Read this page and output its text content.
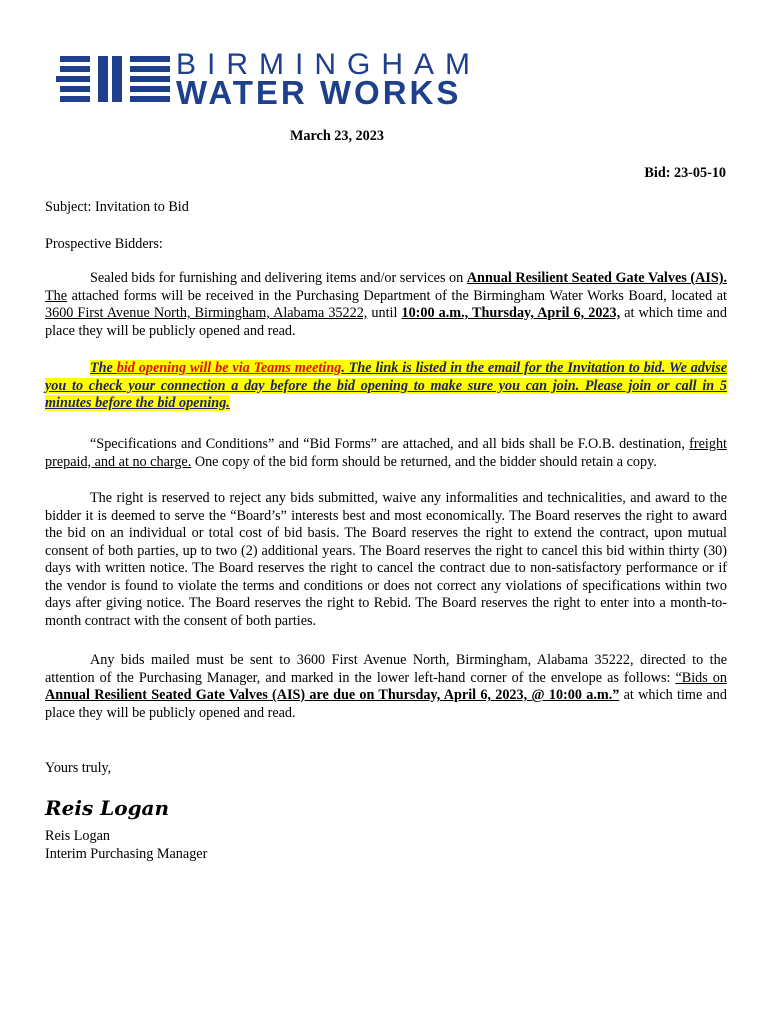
BIRMINGHAM
WATER WORKS
March 23, 2023
Bid: 23-05-10
Subject: Invitation to Bid
Prospective Bidders:
Sealed bids for furnishing and delivering items and/or services on Annual Resilient Seated Gate Valves (AIS). The attached forms will be received in the Purchasing Department of the Birmingham Water Works Board, located at 3600 First Avenue North, Birmingham, Alabama 35222, until 10:00 a.m., Thursday, April 6, 2023, at which time and place they will be publicly opened and read.
The bid opening will be via Teams meeting. The link is listed in the email for the Invitation to bid. We advise you to check your connection a day before the bid opening to make sure you can join. Please join or call in 5 minutes before the bid opening.
“Specifications and Conditions” and “Bid Forms” are attached, and all bids shall be F.O.B. destination, freight prepaid, and at no charge. One copy of the bid form should be returned, and the bidder should retain a copy.
The right is reserved to reject any bids submitted, waive any informalities and technicalities, and award to the bidder it is deemed to serve the “Board’s” interests best and most economically. The Board reserves the right to award the bid on an individual or total cost of bid basis. The Board reserves the right to extend the contract, upon mutual consent of both parties, up to two (2) additional years. The Board reserves the right to cancel this bid within thirty (30) days with written notice. The Board reserves the right to cancel the contract due to non-satisfactory performance or if the vendor is found to violate the terms and conditions or does not correct any violations of specifications within two days after giving notice. The Board reserves the right to Rebid. The Board reserves the right to enter into a month-to-month contract with the consent of both parties.
Any bids mailed must be sent to 3600 First Avenue North, Birmingham, Alabama 35222, directed to the attention of the Purchasing Manager, and marked in the lower left-hand corner of the envelope as follows: “Bids on Annual Resilient Seated Gate Valves (AIS) are due on Thursday, April 6, 2023, @ 10:00 a.m.” at which time and place they will be publicly opened and read.
Yours truly,
Reis Logan
Reis Logan
Interim Purchasing Manager
